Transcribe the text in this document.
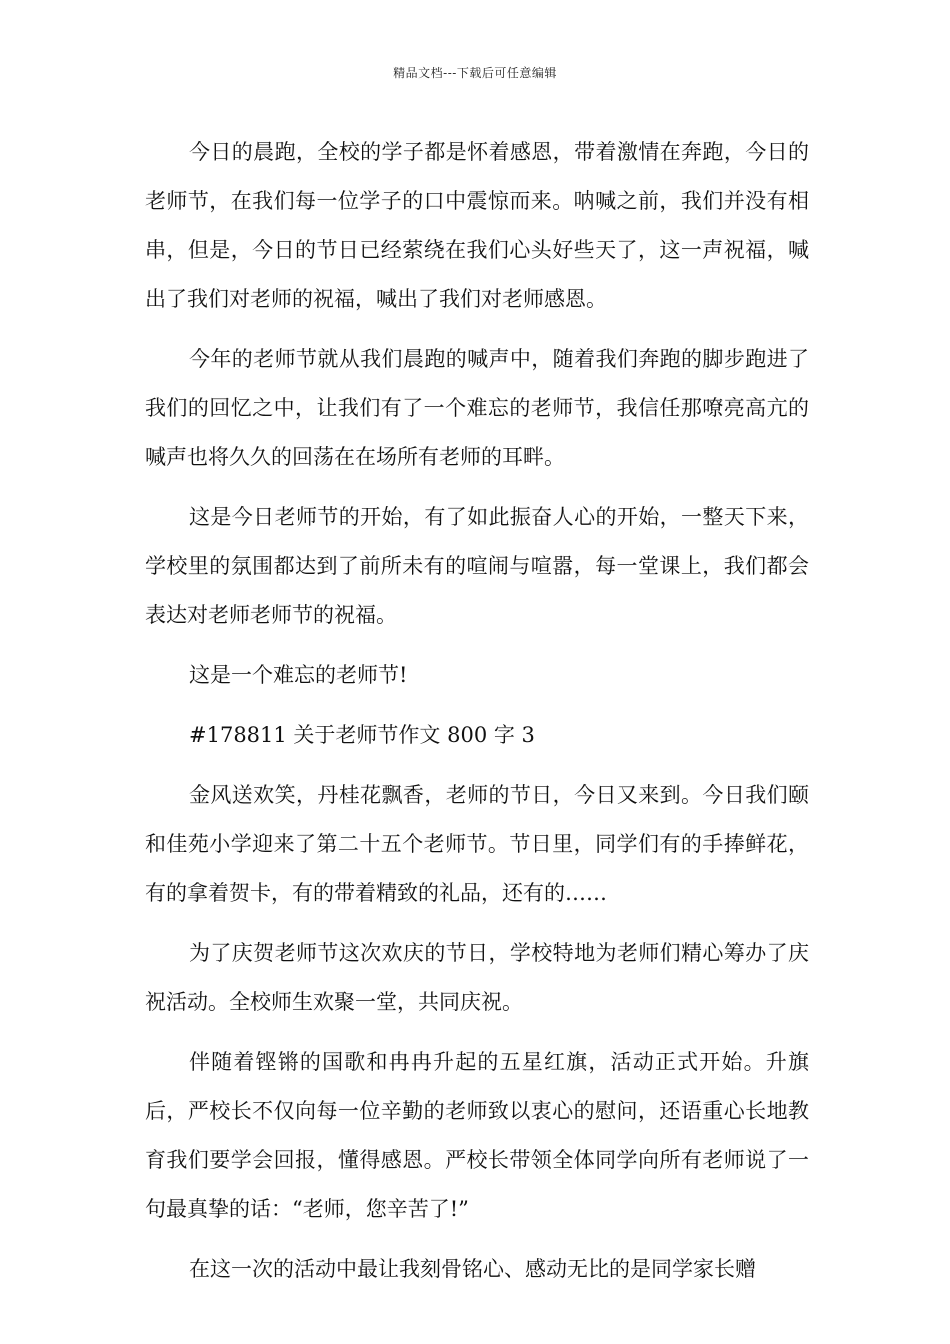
精品文档---下载后可任意编辑

今日的晨跑，全校的学子都是怀着感恩，带着激情在奔跑，今日的老师节，在我们每一位学子的口中震惊而来。呐喊之前，我们并没有相串，但是，今日的节日已经萦绕在我们心头好些天了，这一声祝福，喊出了我们对老师的祝福，喊出了我们对老师感恩。

今年的老师节就从我们晨跑的喊声中，随着我们奔跑的脚步跑进了我们的回忆之中，让我们有了一个难忘的老师节，我信任那嘹亮高亢的喊声也将久久的回荡在在场所有老师的耳畔。

这是今日老师节的开始，有了如此振奋人心的开始，一整天下来，学校里的氛围都达到了前所未有的喧闹与喧嚣，每一堂课上，我们都会表达对老师老师节的祝福。

这是一个难忘的老师节!

#178811 关于老师节作文 800 字 3

金风送欢笑，丹桂花飘香，老师的节日，今日又来到。今日我们颐和佳苑小学迎来了第二十五个老师节。节日里，同学们有的手捧鲜花，有的拿着贺卡，有的带着精致的礼品，还有的……

为了庆贺老师节这次欢庆的节日，学校特地为老师们精心筹办了庆祝活动。全校师生欢聚一堂，共同庆祝。

伴随着铿锵的国歌和冉冉升起的五星红旗，活动正式开始。升旗后，严校长不仅向每一位辛勤的老师致以衷心的慰问，还语重心长地教育我们要学会回报，懂得感恩。严校长带领全体同学向所有老师说了一句最真挚的话：“老师，您辛苦了!”

在这一次的活动中最让我刻骨铭心、感动无比的是同学家长赠
